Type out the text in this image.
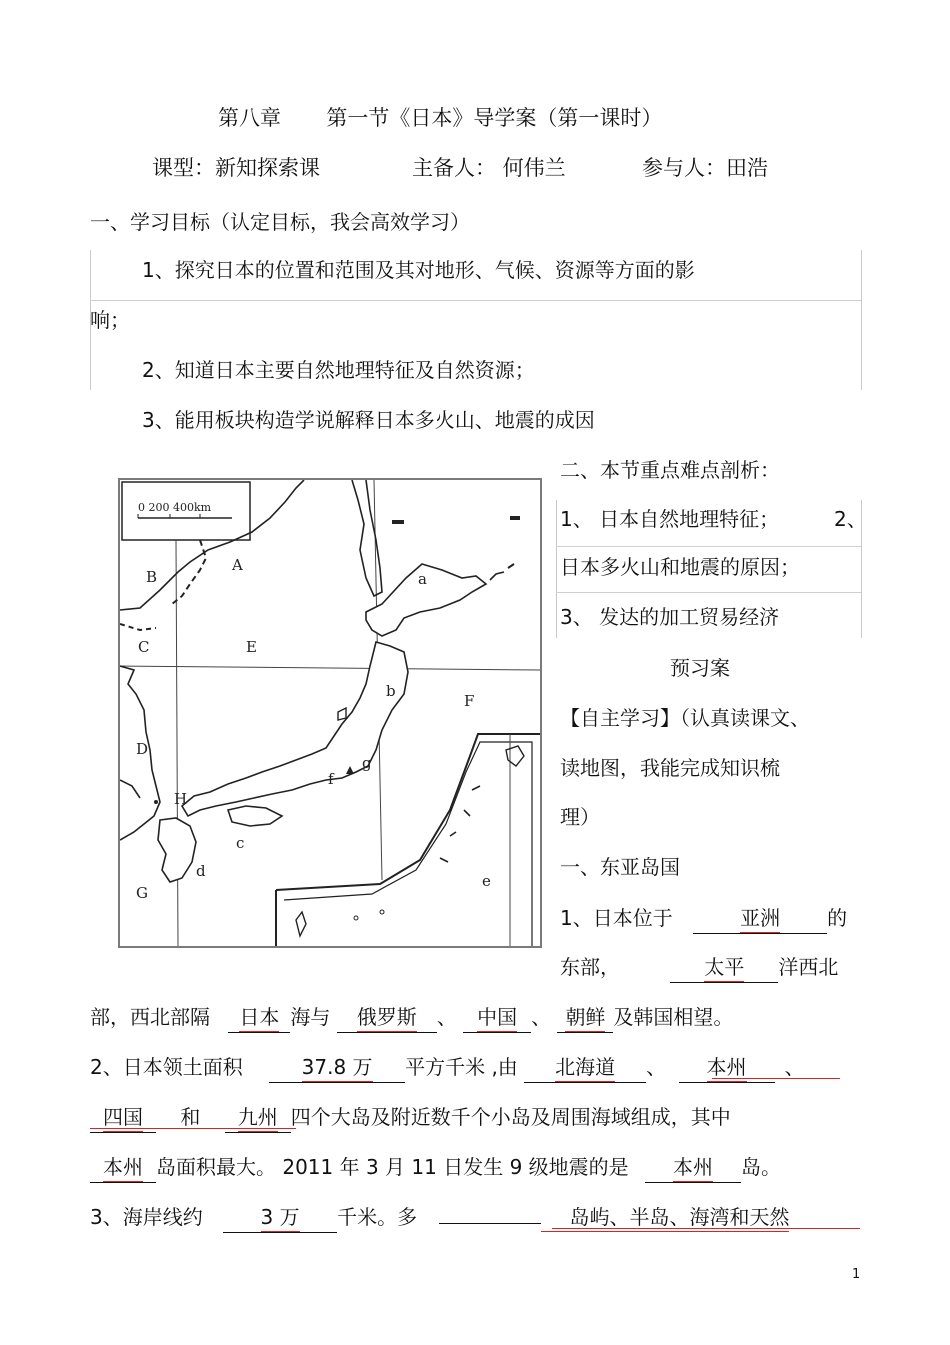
第八章 第一节《日本》导学案（第一课时）
课型：新知探索课	主备人： 何伟兰	参与人：田浩
一、学习目标（认定目标，我会高效学习）
1、探究日本的位置和范围及其对地形、气候、资源等方面的影
响；
2、知道日本主要自然地理特征及自然资源；
3、能用板块构造学说解释日本多火山、地震的成因
二、本节重点难点剖析：
1、 日本自然地理特征；	2、
日本多火山和地震的原因；
3、 发达的加工贸易经济
预习案
【自主学习】（认真读课文、
读地图，我能完成知识梳
理）
一、东亚岛国
0 200 400km
A
B
C
D
E
F
G
H
a
b
c
d
e
f
g
1、日本位于	亚洲 的
东部，	太平 洋西北
部，西北部隔 日本 海与 俄罗斯 、 中国 、 朝鲜 及韩国相望。
2、日本领土面积	37.8 万 平方千米 ,由 北海道 、 本州 、
四国 和 九州 四个大岛及附近数千个小岛及周围海域组成，其中
本州 岛面积最大。 2011 年 3 月 11 日发生 9 级地震的是 本州 岛。
3、海岸线约	3 万 千米。多	岛屿、半岛、海湾和天然
1
